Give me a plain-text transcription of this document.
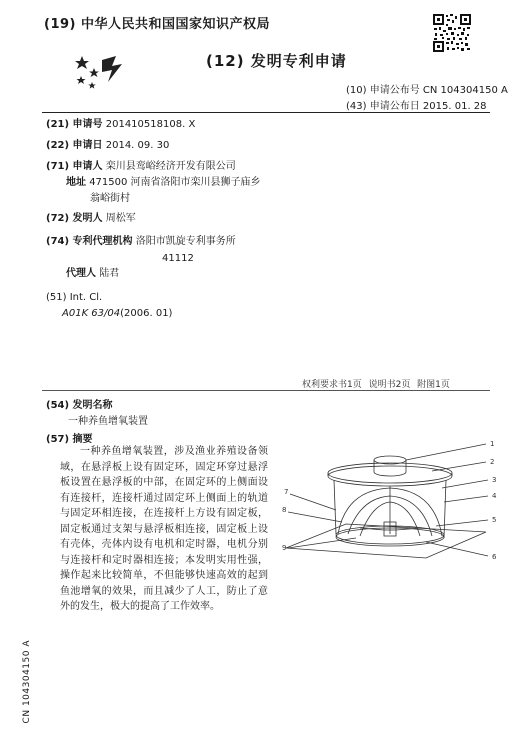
(19) 中华人民共和国国家知识产权局
(12) 发明专利申请
(10) 申请公布号 CN 104304150 A
(43) 申请公布日 2015. 01. 28
(21) 申请号 201410518108. X
(22) 申请日 2014. 09. 30
(71) 申请人 栾川县鸾峪经济开发有限公司
地址 471500 河南省洛阳市栾川县狮子庙乡
翁峪街村
(72) 发明人 周松军
(74) 专利代理机构 洛阳市凯旋专利事务所
41112
代理人 陆君
(51) Int. Cl.
A01K 63/04(2006. 01)
权利要求书1页 说明书2页 附图1页
(54) 发明名称
一种养鱼增氧装置
(57) 摘要

一种养鱼增氧装置，涉及渔业养殖设备领域，在悬浮板上设有固定环，固定环穿过悬浮板设置在悬浮板的中部，在固定环的上侧面设有连接杆，连接杆通过固定环上侧面上的轨道与固定环相连接，在连接杆上方设有固定板，固定板通过支架与悬浮板相连接，固定板上设有壳体，壳体内设有电机和定时器，电机分别与连接杆和定时器相连接；本发明实用性强，操作起来比较简单，不但能够快速高效的起到鱼池增氧的效果，而且减少了人工，防止了意外的发生，极大的提高了工作效率。

1
2
3
4
5
6
7
8
9
CN 104304150 A
